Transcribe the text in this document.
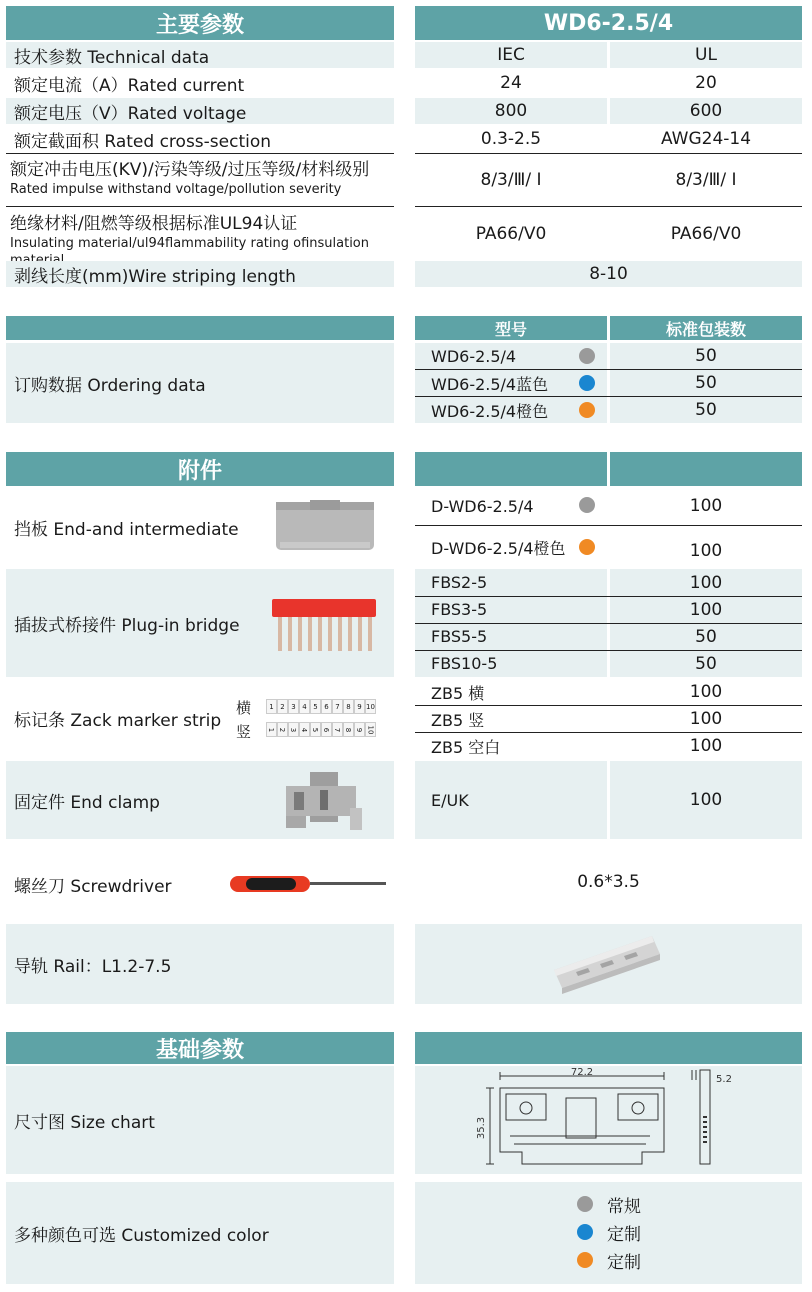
主要参数	WD6-2.5/4
技术参数 Technical data	IEC	UL
额定电流（A）Rated current	24	20
额定电压（V）Rated voltage	800	600
额定截面积 Rated cross-section	0.3-2.5	AWG24-14
额定冲击电压(KV)/污染等级/过压等级/材料级别
Rated impulse withstand voltage/pollution severity	8/3/Ⅲ/ Ⅰ	8/3/Ⅲ/ Ⅰ
绝缘材料/阻燃等级根据标准UL94认证
Insulating material/ul94flammability rating ofinsulation	PA66/V0	PA66/V0
剥线长度(mm)Wire striping length	8-10
订购数据 Ordering data
型号	标准包装数
WD6-2.5/4	50
WD6-2.5/4蓝色	50
WD6-2.5/4橙色	50
附件
挡板 End-and intermediate
D-WD6-2.5/4	100
D-WD6-2.5/4橙色	100
插拔式桥接件 Plug-in bridge
FBS2-5	100
FBS3-5	100
FBS5-5	50
FBS10-5	50
标记条 Zack marker strip
横
竖
1 2 3 4 5 6 7 8 9 10
1 2 3 4 5 6 7 8 9 10
ZB5 横	100
ZB5 竖	100
ZB5 空白	100
固定件 End clamp	E/UK	100
螺丝刀 Screwdriver	0.6*3.5
导轨 Rail：L1.2-7.5
基础参数
尺寸图 Size chart
72.2
35.3
5.2
多种颜色可选 Customized color
常规
定制
定制
